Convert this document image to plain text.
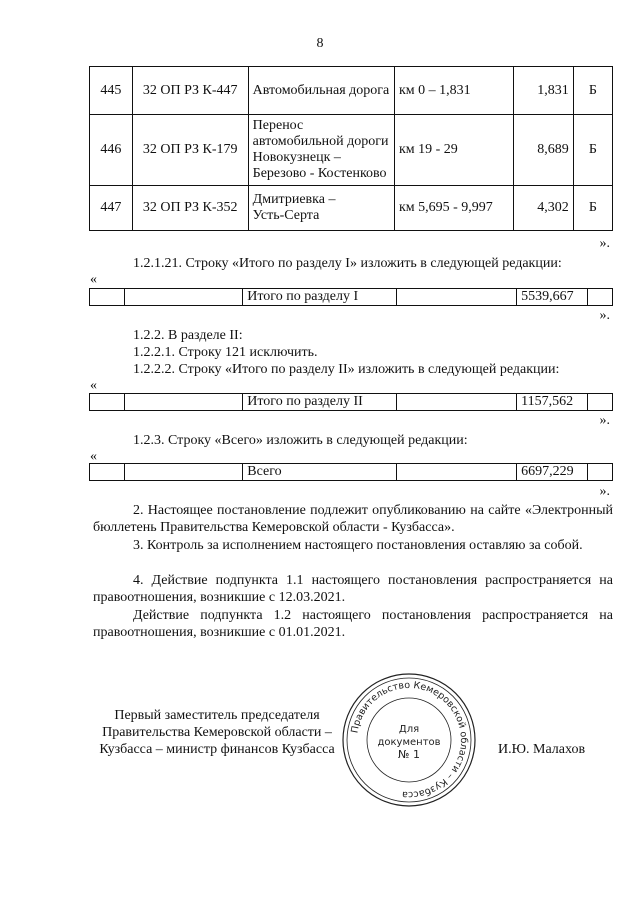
8
445	32 ОП РЗ К-447	Автомобильная дорога	км 0 – 1,831	1,831	Б
446	32 ОП РЗ К-179	Перенос
автомобильной дороги
Новокузнецк –
Березово - Костенково	км 19 - 29	8,689	Б
447	32 ОП РЗ К-352	Дмитриевка –
Усть-Серта	км 5,695 - 9,997	4,302	Б
».
1.2.1.21. Строку «Итого по разделу I» изложить в следующей редакции:
«
		Итого по разделу I		5539,667	
».
1.2.2. В разделе II:
1.2.2.1. Строку 121 исключить.
1.2.2.2. Строку «Итого по разделу II» изложить в следующей редакции:
«
		Итого по разделу II		1157,562	
».
1.2.3. Строку «Всего» изложить в следующей редакции:
«
		Всего		6697,229	
».
2. Настоящее постановление подлежит опубликованию на сайте «Электронный бюллетень Правительства Кемеровской области - Кузбасса».
3. Контроль за исполнением настоящего постановления оставляю за собой.
4. Действие подпункта 1.1 настоящего постановления распространяется на правоотношения, возникшие с 12.03.2021.
Действие подпункта 1.2 настоящего постановления распространяется на правоотношения, возникшие с 01.01.2021.
Первый заместитель председателя
Правительства Кемеровской области –
Кузбасса – министр финансов Кузбасса
Правительство Кемеровской области – Кузбасса
Для
документов
№ 1	И.Ю. Малахов
